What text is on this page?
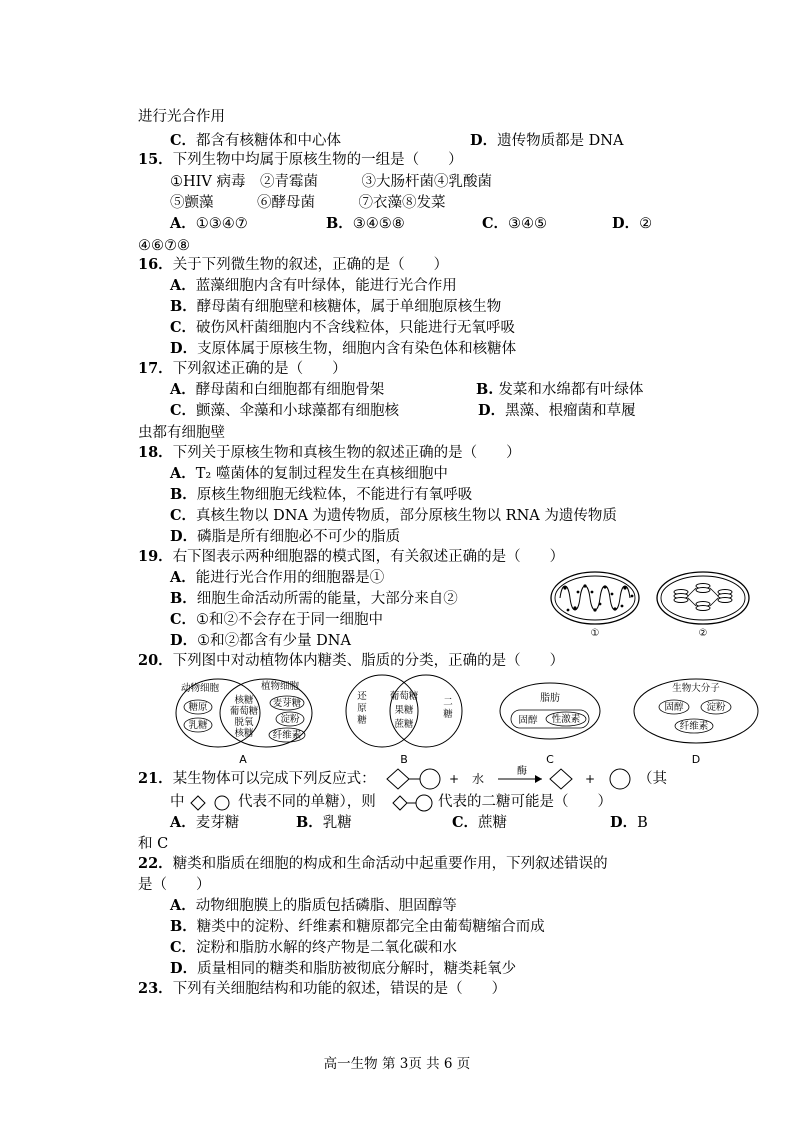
进行光合作用
C．都含有核糖体和中心体	D．遗传物质都是 DNA
15．下列生物中均属于原核生物的一组是（　　）
①HIV 病毒　②青霉菌　　　③大肠杆菌④乳酸菌
⑤颤藻　　　⑥酵母菌　　　⑦衣藻⑧发菜
A．①③④⑦	B．③④⑤⑧	C．③④⑤	D．②
④⑥⑦⑧
16．关于下列微生物的叙述，正确的是（　　）
A．蓝藻细胞内含有叶绿体，能进行光合作用
B．酵母菌有细胞壁和核糖体，属于单细胞原核生物
C．破伤风杆菌细胞内不含线粒体，只能进行无氧呼吸
D．支原体属于原核生物，细胞内含有染色体和核糖体
17．下列叙述正确的是（　　）
A．酵母菌和白细胞都有细胞骨架	B. 发菜和水绵都有叶绿体
C．颤藻、伞藻和小球藻都有细胞核	D．黑藻、根瘤菌和草履
虫都有细胞壁
18．下列关于原核生物和真核生物的叙述正确的是（　　）
A．T₂ 噬菌体的复制过程发生在真核细胞中
B．原核生物细胞无线粒体，不能进行有氧呼吸
C．真核生物以 DNA 为遗传物质，部分原核生物以 RNA 为遗传物质
D．磷脂是所有细胞必不可少的脂质
19．右下图表示两种细胞器的模式图，有关叙述正确的是（　　）
A．能进行光合作用的细胞器是①
B．细胞生命活动所需的能量，大部分来自②
C．①和②不会存在于同一细胞中
D．①和②都含有少量 DNA	①	②
20．下列图中对动植物体内糖类、脂质的分类，正确的是（　　）
动物细胞	植物细胞
糖原
乳糖
核糖
葡萄糖
脱氧
核糖
麦芽糖
淀粉
纤维素
A
还
原
糖
葡萄糖
果糖
蔗糖
二
糖
B
脂肪
固醇 性激素
C
生物大分子
固醇 淀粉
纤维素
D
21．某生物体可以完成下列反应式：	+ 水
酶
+	（其
中	代表不同的单糖），则	代表的二糖可能是（　　）
A．麦芽糖	B．乳糖	C．蔗糖	D．B
和 C
22．糖类和脂质在细胞的构成和生命活动中起重要作用，下列叙述错误的
是（　　）
A．动物细胞膜上的脂质包括磷脂、胆固醇等
B．糖类中的淀粉、纤维素和糖原都完全由葡萄糖缩合而成
C．淀粉和脂肪水解的终产物是二氧化碳和水
D．质量相同的糖类和脂肪被彻底分解时，糖类耗氧少
23．下列有关细胞结构和功能的叙述，错误的是（　　）
高一生物 第 3页 共 6 页
